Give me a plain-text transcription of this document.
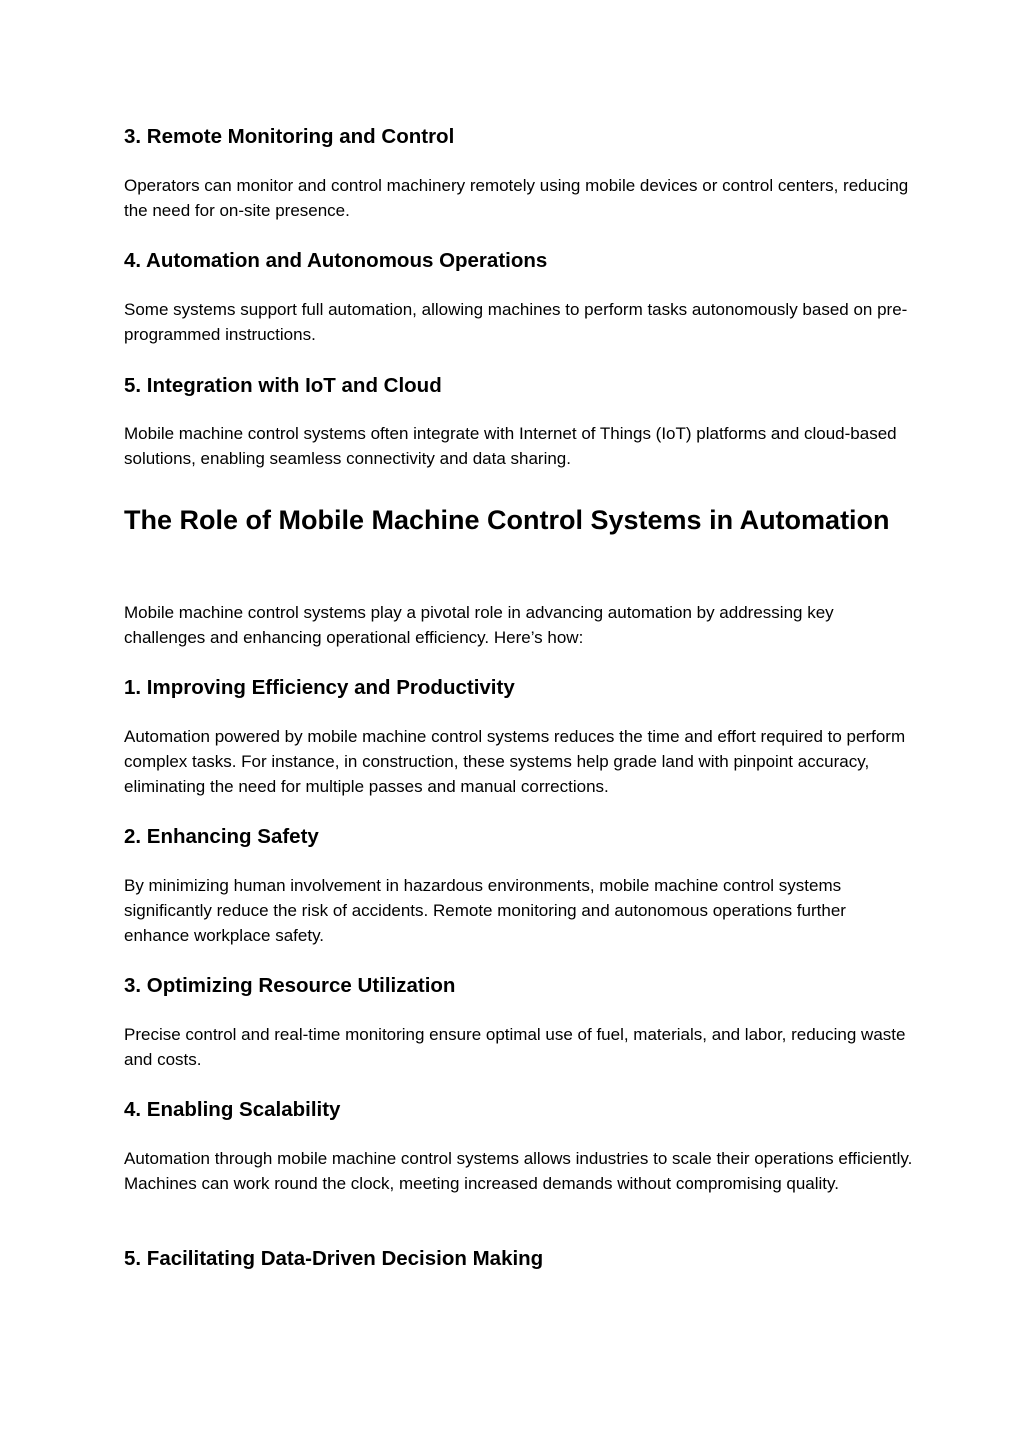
3. Remote Monitoring and Control

Operators can monitor and control machinery remotely using mobile devices or control centers, reducing the need for on-site presence.

4. Automation and Autonomous Operations

Some systems support full automation, allowing machines to perform tasks autonomously based on pre-programmed instructions.

5. Integration with IoT and Cloud

Mobile machine control systems often integrate with Internet of Things (IoT) platforms and cloud-based solutions, enabling seamless connectivity and data sharing.

The Role of Mobile Machine Control Systems in Automation

Mobile machine control systems play a pivotal role in advancing automation by addressing key challenges and enhancing operational efficiency. Here’s how:

1. Improving Efficiency and Productivity

Automation powered by mobile machine control systems reduces the time and effort required to perform complex tasks. For instance, in construction, these systems help grade land with pinpoint accuracy, eliminating the need for multiple passes and manual corrections.

2. Enhancing Safety

By minimizing human involvement in hazardous environments, mobile machine control systems significantly reduce the risk of accidents. Remote monitoring and autonomous operations further enhance workplace safety.

3. Optimizing Resource Utilization

Precise control and real-time monitoring ensure optimal use of fuel, materials, and labor, reducing waste and costs.

4. Enabling Scalability

Automation through mobile machine control systems allows industries to scale their operations efficiently. Machines can work round the clock, meeting increased demands without compromising quality.

5. Facilitating Data-Driven Decision Making
